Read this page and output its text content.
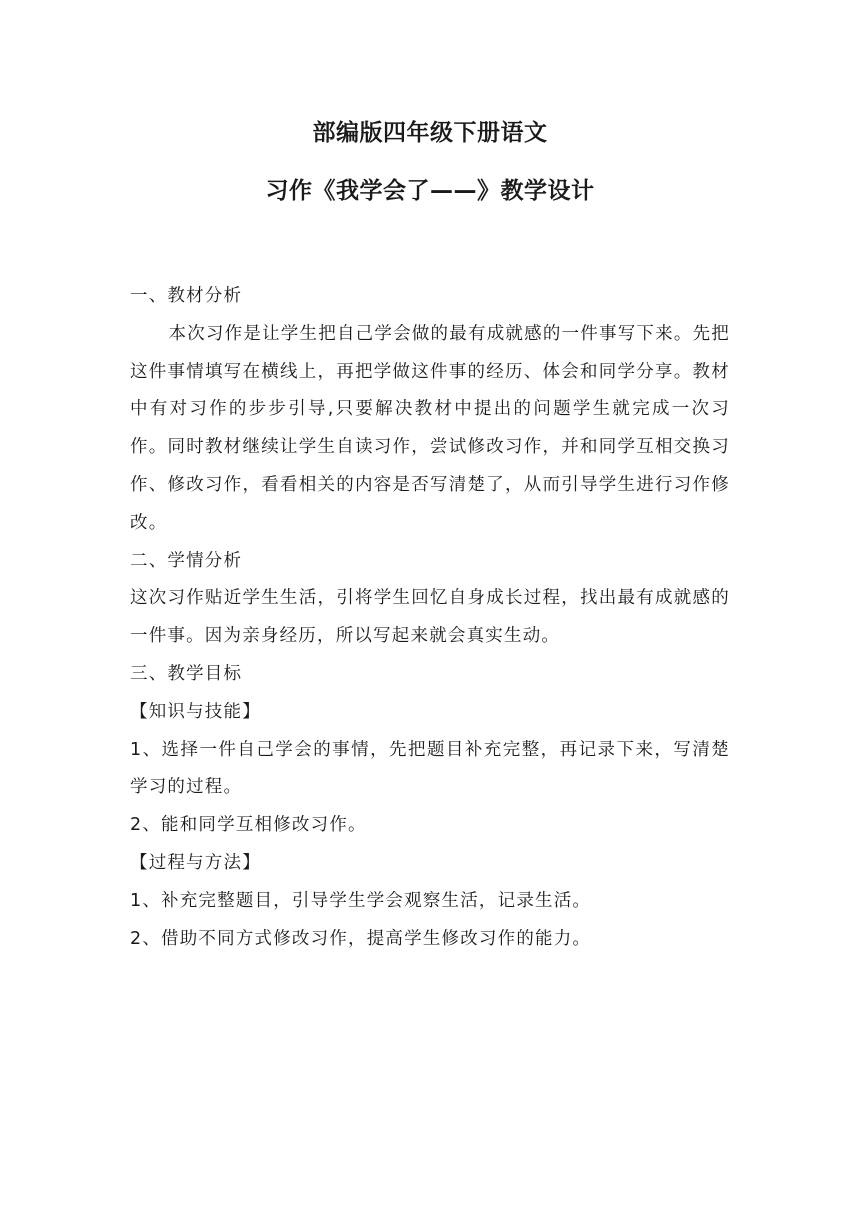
部编版四年级下册语文
习作《我学会了——》教学设计

一、教材分析

本次习作是让学生把自己学会做的最有成就感的一件事写下来。先把这件事情填写在横线上，再把学做这件事的经历、体会和同学分享。教材中有对习作的步步引导,只要解决教材中提出的问题学生就完成一次习作。同时教材继续让学生自读习作，尝试修改习作，并和同学互相交换习作、修改习作，看看相关的内容是否写清楚了，从而引导学生进行习作修改。

二、学情分析

这次习作贴近学生生活，引将学生回忆自身成长过程，找出最有成就感的一件事。因为亲身经历，所以写起来就会真实生动。

三、教学目标

【知识与技能】

1、选择一件自己学会的事情，先把题目补充完整，再记录下来，写清楚学习的过程。

2、能和同学互相修改习作。

【过程与方法】

1、补充完整题目，引导学生学会观察生活，记录生活。

2、借助不同方式修改习作，提高学生修改习作的能力。
